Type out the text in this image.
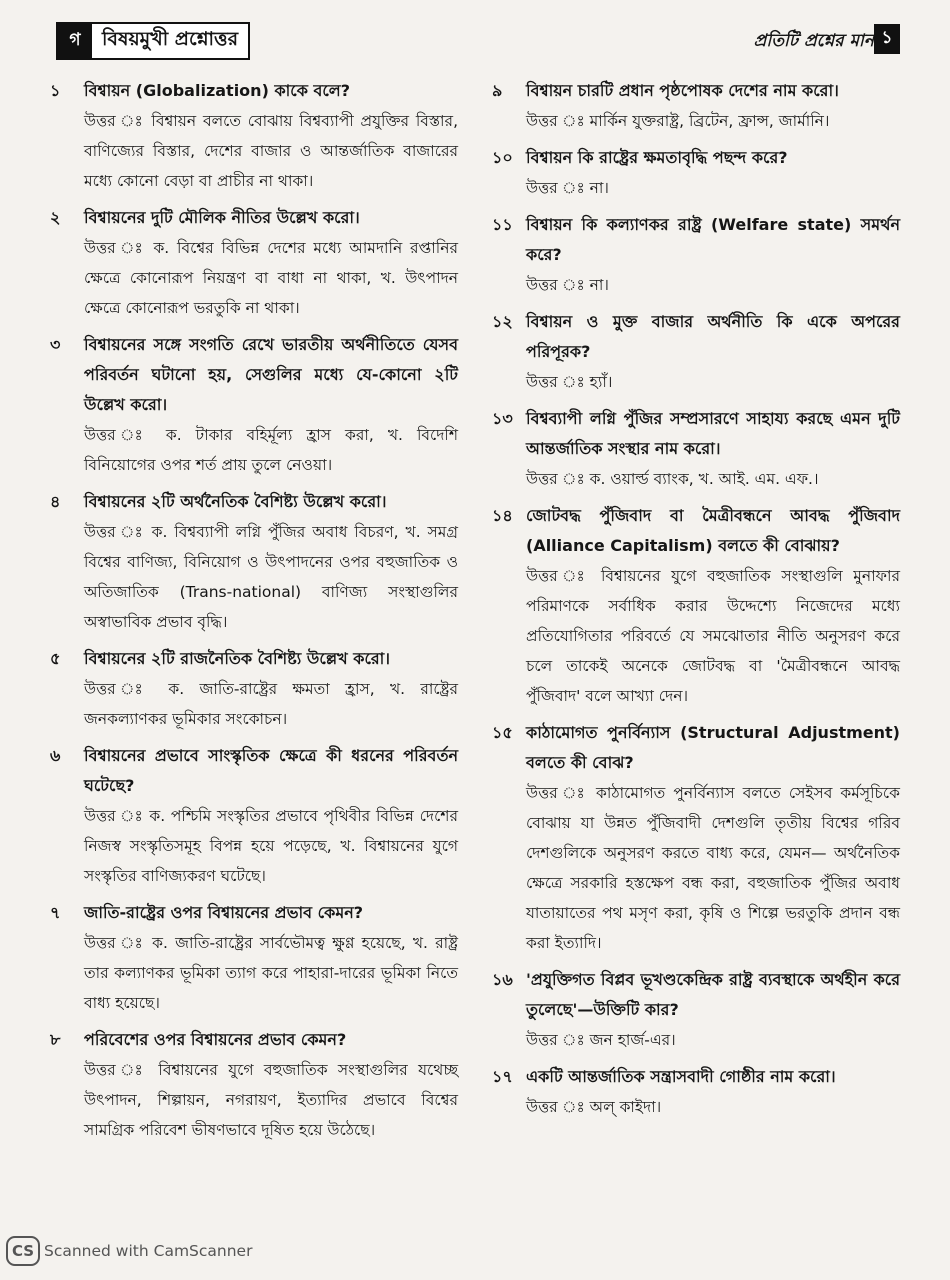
গ	বিষয়মুখী প্রশ্নোত্তর	প্রতিটি প্রশ্নের মান ১
১ বিশ্বায়ন (Globalization) কাকে বলে?
উত্তর ঃ বিশ্বায়ন বলতে বোঝায় বিশ্বব্যাপী প্রযুক্তির বিস্তার, বাণিজ্যের বিস্তার, দেশের বাজার ও আন্তর্জাতিক বাজারের মধ্যে কোনো বেড়া বা প্রাচীর না থাকা।
২ বিশ্বায়নের দুটি মৌলিক নীতির উল্লেখ করো।
উত্তর ঃ ক. বিশ্বের বিভিন্ন দেশের মধ্যে আমদানি রপ্তানির ক্ষেত্রে কোনোরূপ নিয়ন্ত্রণ বা বাধা না থাকা, খ. উৎপাদন ক্ষেত্রে কোনোরূপ ভরতুকি না থাকা।
৩ বিশ্বায়নের সঙ্গে সংগতি রেখে ভারতীয় অর্থনীতিতে যেসব পরিবর্তন ঘটানো হয়, সেগুলির মধ্যে যে-কোনো ২টি উল্লেখ করো।
উত্তর ঃ ক. টাকার বহির্মূল্য হ্রাস করা, খ. বিদেশি বিনিয়োগের ওপর শর্ত প্রায় তুলে নেওয়া।
৪ বিশ্বায়নের ২টি অর্থনৈতিক বৈশিষ্ট্য উল্লেখ করো।
উত্তর ঃ ক. বিশ্বব্যাপী লগ্নি পুঁজির অবাধ বিচরণ, খ. সমগ্র বিশ্বের বাণিজ্য, বিনিয়োগ ও উৎপাদনের ওপর বহুজাতিক ও অতিজাতিক (Trans-national) বাণিজ্য সংস্থাগুলির অস্বাভাবিক প্রভাব বৃদ্ধি।
৫ বিশ্বায়নের ২টি রাজনৈতিক বৈশিষ্ট্য উল্লেখ করো।
উত্তর ঃ ক. জাতি-রাষ্ট্রের ক্ষমতা হ্রাস, খ. রাষ্ট্রের জনকল্যাণকর ভূমিকার সংকোচন।
৬ বিশ্বায়নের প্রভাবে সাংস্কৃতিক ক্ষেত্রে কী ধরনের পরিবর্তন ঘটেছে?
উত্তর ঃ ক. পশ্চিমি সংস্কৃতির প্রভাবে পৃথিবীর বিভিন্ন দেশের নিজস্ব সংস্কৃতিসমূহ বিপন্ন হয়ে পড়েছে, খ. বিশ্বায়নের যুগে সংস্কৃতির বাণিজ্যকরণ ঘটেছে।
৭ জাতি-রাষ্ট্রের ওপর বিশ্বায়নের প্রভাব কেমন?
উত্তর ঃ ক. জাতি-রাষ্ট্রের সার্বভৌমত্ব ক্ষুণ্ণ হয়েছে, খ. রাষ্ট্র তার কল্যাণকর ভূমিকা ত্যাগ করে পাহারা-দারের ভূমিকা নিতে বাধ্য হয়েছে।
৮ পরিবেশের ওপর বিশ্বায়নের প্রভাব কেমন?
উত্তর ঃ বিশ্বায়নের যুগে বহুজাতিক সংস্থাগুলির যথেচ্ছ উৎপাদন, শিল্পায়ন, নগরায়ণ, ইত্যাদির প্রভাবে বিশ্বের সামগ্রিক পরিবেশ ভীষণভাবে দূষিত হয়ে উঠেছে।
৯ বিশ্বায়ন চারটি প্রধান পৃষ্ঠপোষক দেশের নাম করো।
উত্তর ঃ মার্কিন যুক্তরাষ্ট্র, ব্রিটেন, ফ্রান্স, জার্মানি।
১০ বিশ্বায়ন কি রাষ্ট্রের ক্ষমতাবৃদ্ধি পছন্দ করে?
উত্তর ঃ না।
১১ বিশ্বায়ন কি কল্যাণকর রাষ্ট্র (Welfare state) সমর্থন করে?
উত্তর ঃ না।
১২ বিশ্বায়ন ও মুক্ত বাজার অর্থনীতি কি একে অপরের পরিপূরক?
উত্তর ঃ হ্যাঁ।
১৩ বিশ্বব্যাপী লগ্নি পুঁজির সম্প্রসারণে সাহায্য করছে এমন দুটি আন্তর্জাতিক সংস্থার নাম করো।
উত্তর ঃ ক. ওয়ার্ল্ড ব্যাংক, খ. আই. এম. এফ.।
১৪ জোটবদ্ধ পুঁজিবাদ বা মৈত্রীবন্ধনে আবদ্ধ পুঁজিবাদ (Alliance Capitalism) বলতে কী বোঝায়?
উত্তর ঃ বিশ্বায়নের যুগে বহুজাতিক সংস্থাগুলি মুনাফার পরিমাণকে সর্বাধিক করার উদ্দেশ্যে নিজেদের মধ্যে প্রতিযোগিতার পরিবর্তে যে সমঝোতার নীতি অনুসরণ করে চলে তাকেই অনেকে জোটবদ্ধ বা 'মৈত্রীবন্ধনে আবদ্ধ পুঁজিবাদ' বলে আখ্যা দেন।
১৫ কাঠামোগত পুনর্বিন্যাস (Structural Adjustment) বলতে কী বোঝ?
উত্তর ঃ কাঠামোগত পুনর্বিন্যাস বলতে সেইসব কর্মসূচিকে বোঝায় যা উন্নত পুঁজিবাদী দেশগুলি তৃতীয় বিশ্বের গরিব দেশগুলিকে অনুসরণ করতে বাধ্য করে, যেমন— অর্থনৈতিক ক্ষেত্রে সরকারি হস্তক্ষেপ বন্ধ করা, বহুজাতিক পুঁজির অবাধ যাতায়াতের পথ মসৃণ করা, কৃষি ও শিল্পে ভরতুকি প্রদান বন্ধ করা ইত্যাদি।
১৬ 'প্রযুক্তিগত বিপ্লব ভূখণ্ডকেন্দ্রিক রাষ্ট্র ব্যবস্থাকে অর্থহীন করে তুলেছে'—উক্তিটি কার?
উত্তর ঃ জন হার্জ-এর।
১৭ একটি আন্তর্জাতিক সন্ত্রাসবাদী গোষ্ঠীর নাম করো।
উত্তর ঃ অল্ কাইদা।
CS Scanned with CamScanner
